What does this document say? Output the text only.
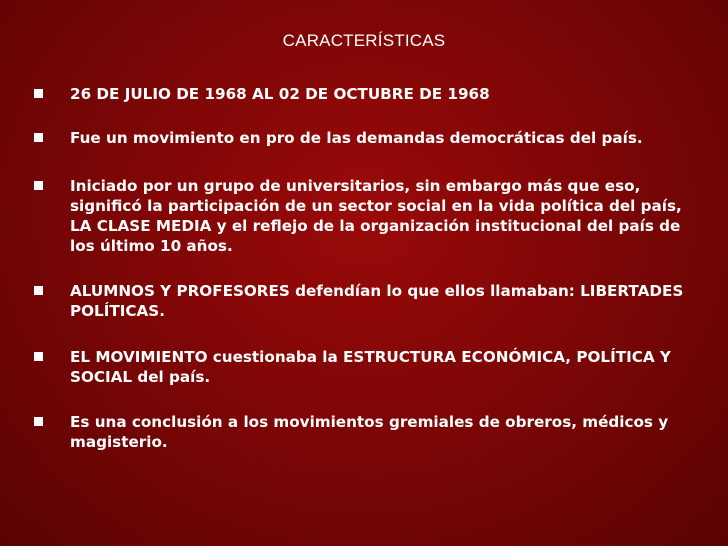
CARACTERÍSTICAS
26 DE JULIO DE 1968 AL 02 DE OCTUBRE DE 1968
Fue un movimiento en pro de las demandas democráticas del país.
Iniciado por un grupo de universitarios, sin embargo más que eso, significó la participación de un sector social en la vida política del país, LA CLASE MEDIA y el reflejo de la organización institucional del país de los último 10 años.
ALUMNOS Y PROFESORES defendían lo que ellos llamaban: LIBERTADES POLÍTICAS.
EL MOVIMIENTO cuestionaba la ESTRUCTURA ECONÓMICA, POLÍTICA Y SOCIAL del país.
Es una conclusión a los movimientos gremiales de obreros, médicos y magisterio.
